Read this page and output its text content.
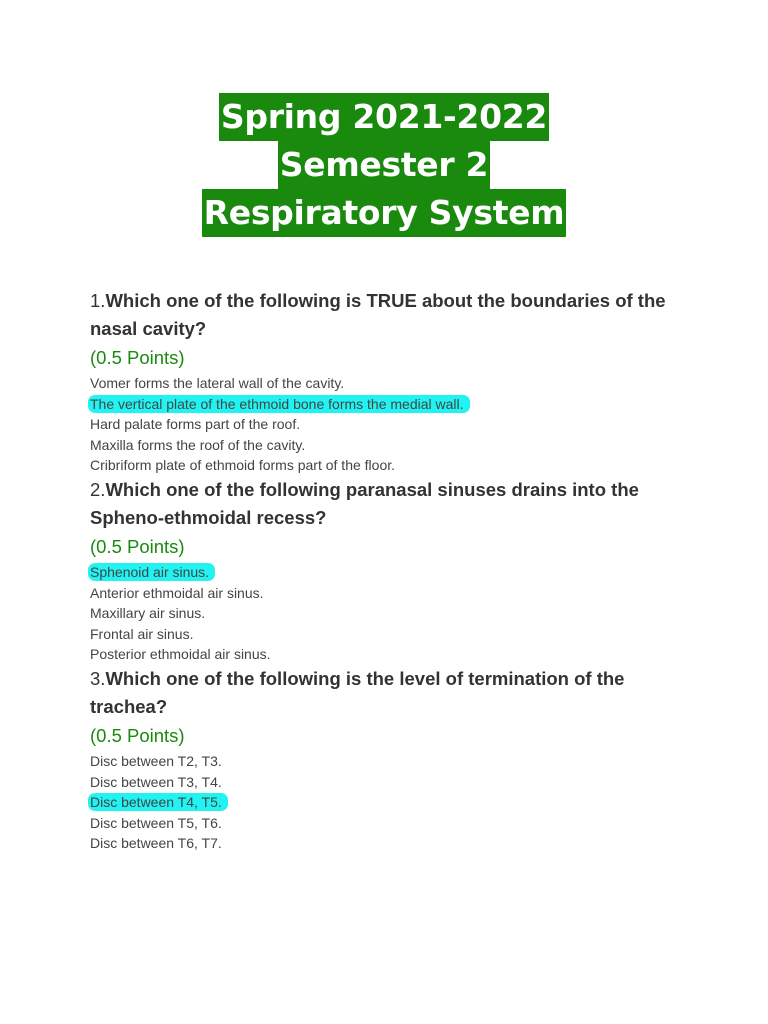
Spring 2021-2022
Semester 2
Respiratory System

1.Which one of the following is TRUE about the boundaries of the nasal cavity?

(0.5 Points)

Vomer forms the lateral wall of the cavity.
The vertical plate of the ethmoid bone forms the medial wall.
Hard palate forms part of the roof.
Maxilla forms the roof of the cavity.
Cribriform plate of ethmoid forms part of the floor.

2.Which one of the following paranasal sinuses drains into the Spheno-ethmoidal recess?

(0.5 Points)

Sphenoid air sinus.
Anterior ethmoidal air sinus.
Maxillary air sinus.
Frontal air sinus.
Posterior ethmoidal air sinus.

3.Which one of the following is the level of termination of the trachea?

(0.5 Points)

Disc between T2, T3.
Disc between T3, T4.
Disc between T4, T5.
Disc between T5, T6.
Disc between T6, T7.
